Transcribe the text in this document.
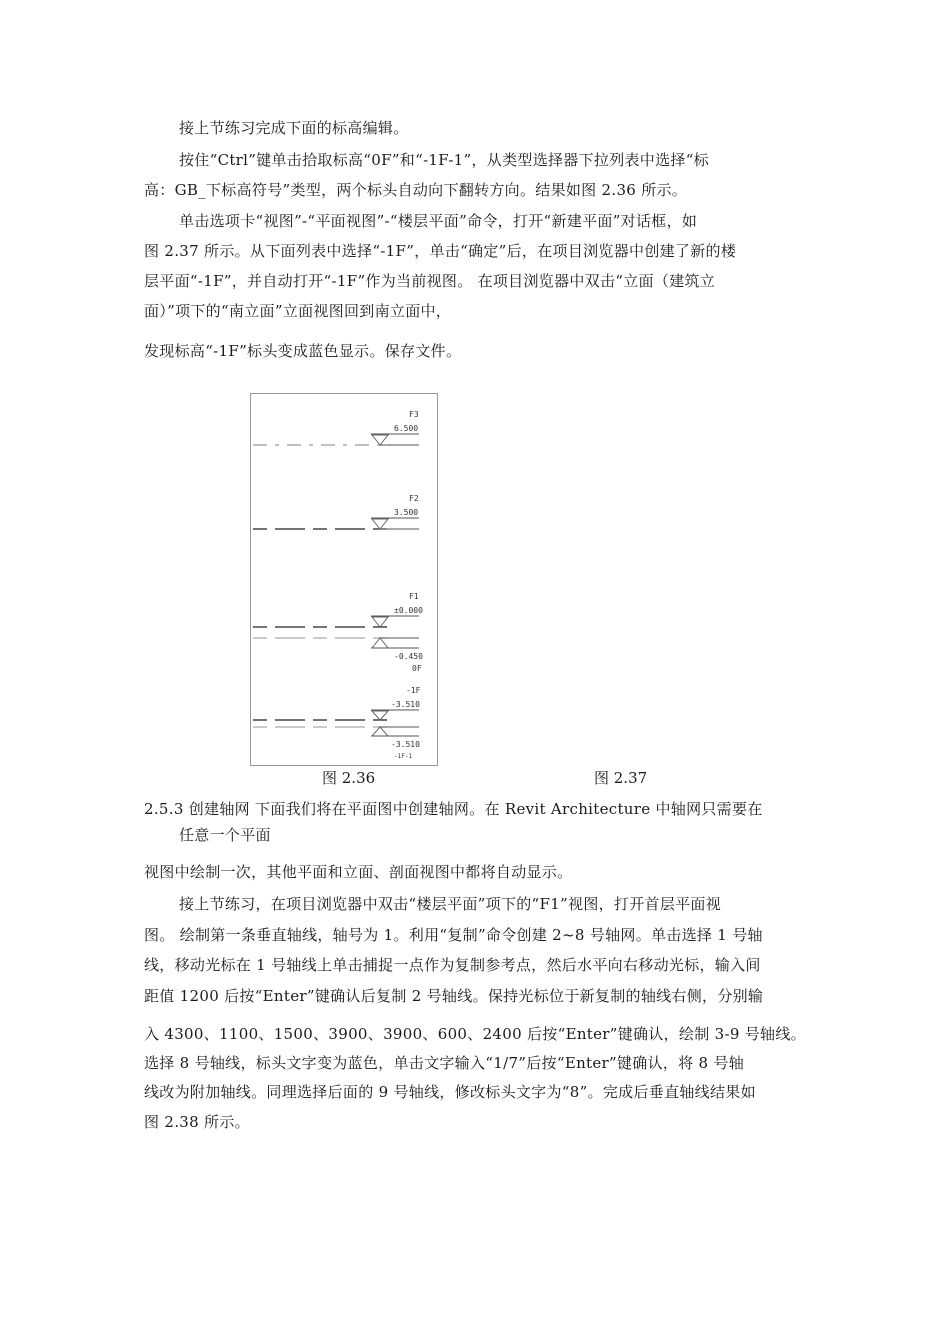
接上节练习完成下面的标高编辑。
按住“Ctrl”键单击拾取标高“0F”和“-1F-1”，从类型选择器下拉列表中选择“标
高：GB_下标高符号”类型，两个标头自动向下翻转方向。结果如图 2.36 所示。
单击选项卡“视图”-“平面视图”-“楼层平面”命令，打开“新建平面”对话框，如
图 2.37 所示。从下面列表中选择“-1F”，单击“确定”后，在项目浏览器中创建了新的楼
层平面“-1F”，并自动打开“-1F”作为当前视图。 在项目浏览器中双击“立面（建筑立
面）”项下的“南立面”立面视图回到南立面中，
发现标高“-1F”标头变成蓝色显示。保存文件。
F3
6.500
F2
3.500
F1
±0.000
-0.450
0F
-1F
-3.510
-3.510
-1F-1
图 2.36	图 2.37
2.5.3 创建轴网 下面我们将在平面图中创建轴网。在 Revit Architecture 中轴网只需要在
任意一个平面
视图中绘制一次，其他平面和立面、剖面视图中都将自动显示。
接上节练习，在项目浏览器中双击“楼层平面”项下的“F1”视图，打开首层平面视
图。 绘制第一条垂直轴线，轴号为 1。利用“复制”命令创建 2~8 号轴网。单击选择 1 号轴
线，移动光标在 1 号轴线上单击捕捉一点作为复制参考点，然后水平向右移动光标，输入间
距值 1200 后按“Enter”键确认后复制 2 号轴线。保持光标位于新复制的轴线右侧，分别输
入 4300、1100、1500、3900、3900、600、2400 后按“Enter”键确认，绘制 3-9 号轴线。
选择 8 号轴线，标头文字变为蓝色，单击文字输入“1/7”后按“Enter”键确认，将 8 号轴
线改为附加轴线。同理选择后面的 9 号轴线，修改标头文字为“8”。完成后垂直轴线结果如
图 2.38 所示。
